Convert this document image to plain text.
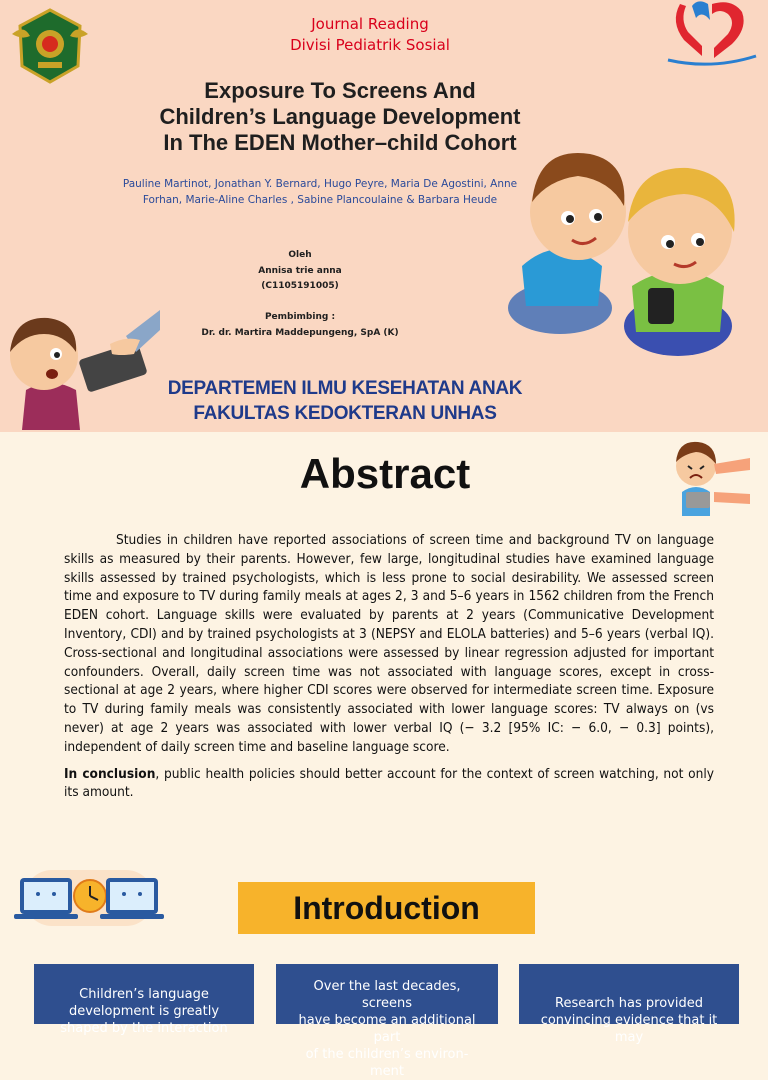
Journal Reading
Divisi Pediatrik Sosial
Exposure To Screens And
Children’s Language Development
In The EDEN Mother–child Cohort
Pauline Martinot, Jonathan Y. Bernard, Hugo Peyre, Maria De Agostini, Anne
Forhan, Marie-Aline Charles , Sabine Plancoulaine & Barbara Heude
Oleh
Annisa trie anna
(C1105191005)
Pembimbing :
Dr. dr. Martira Maddepungeng, SpA (K)
DEPARTEMEN ILMU KESEHATAN ANAK
FAKULTAS KEDOKTERAN UNHAS
Abstract

Studies in children have reported associations of screen time and background TV on language skills as measured by their parents. However, few large, longitudinal studies have examined language skills assessed by trained psychologists, which is less prone to social desirability. We assessed screen time and exposure to TV during family meals at ages 2, 3 and 5–6 years in 1562 children from the French EDEN cohort. Language skills were evaluated by parents at 2 years (Communicative Development Inventory, CDI) and by trained psychologists at 3 (NEPSY and ELOLA batteries) and 5–6 years (verbal IQ). Cross-sectional and longitudinal associations were assessed by linear regression adjusted for important confounders. Overall, daily screen time was not associated with language scores, except in cross-sectional at age 2 years, where higher CDI scores were observed for intermediate screen time. Exposure to TV during family meals was consistently associated with lower language scores: TV always on (vs never) at age 2 years was associated with lower verbal IQ (− 3.2 [95% IC: − 6.0, − 0.3] points), independent of daily screen time and baseline language score.

In conclusion, public health policies should better account for the context of screen watching, not only its amount.

Introduction
Children’s language
development is greatly
shaped by the interaction
Over the last decades, screens
have become an additional part
of the children’s environ- ment
Research has provided
convincing evidence that it may
